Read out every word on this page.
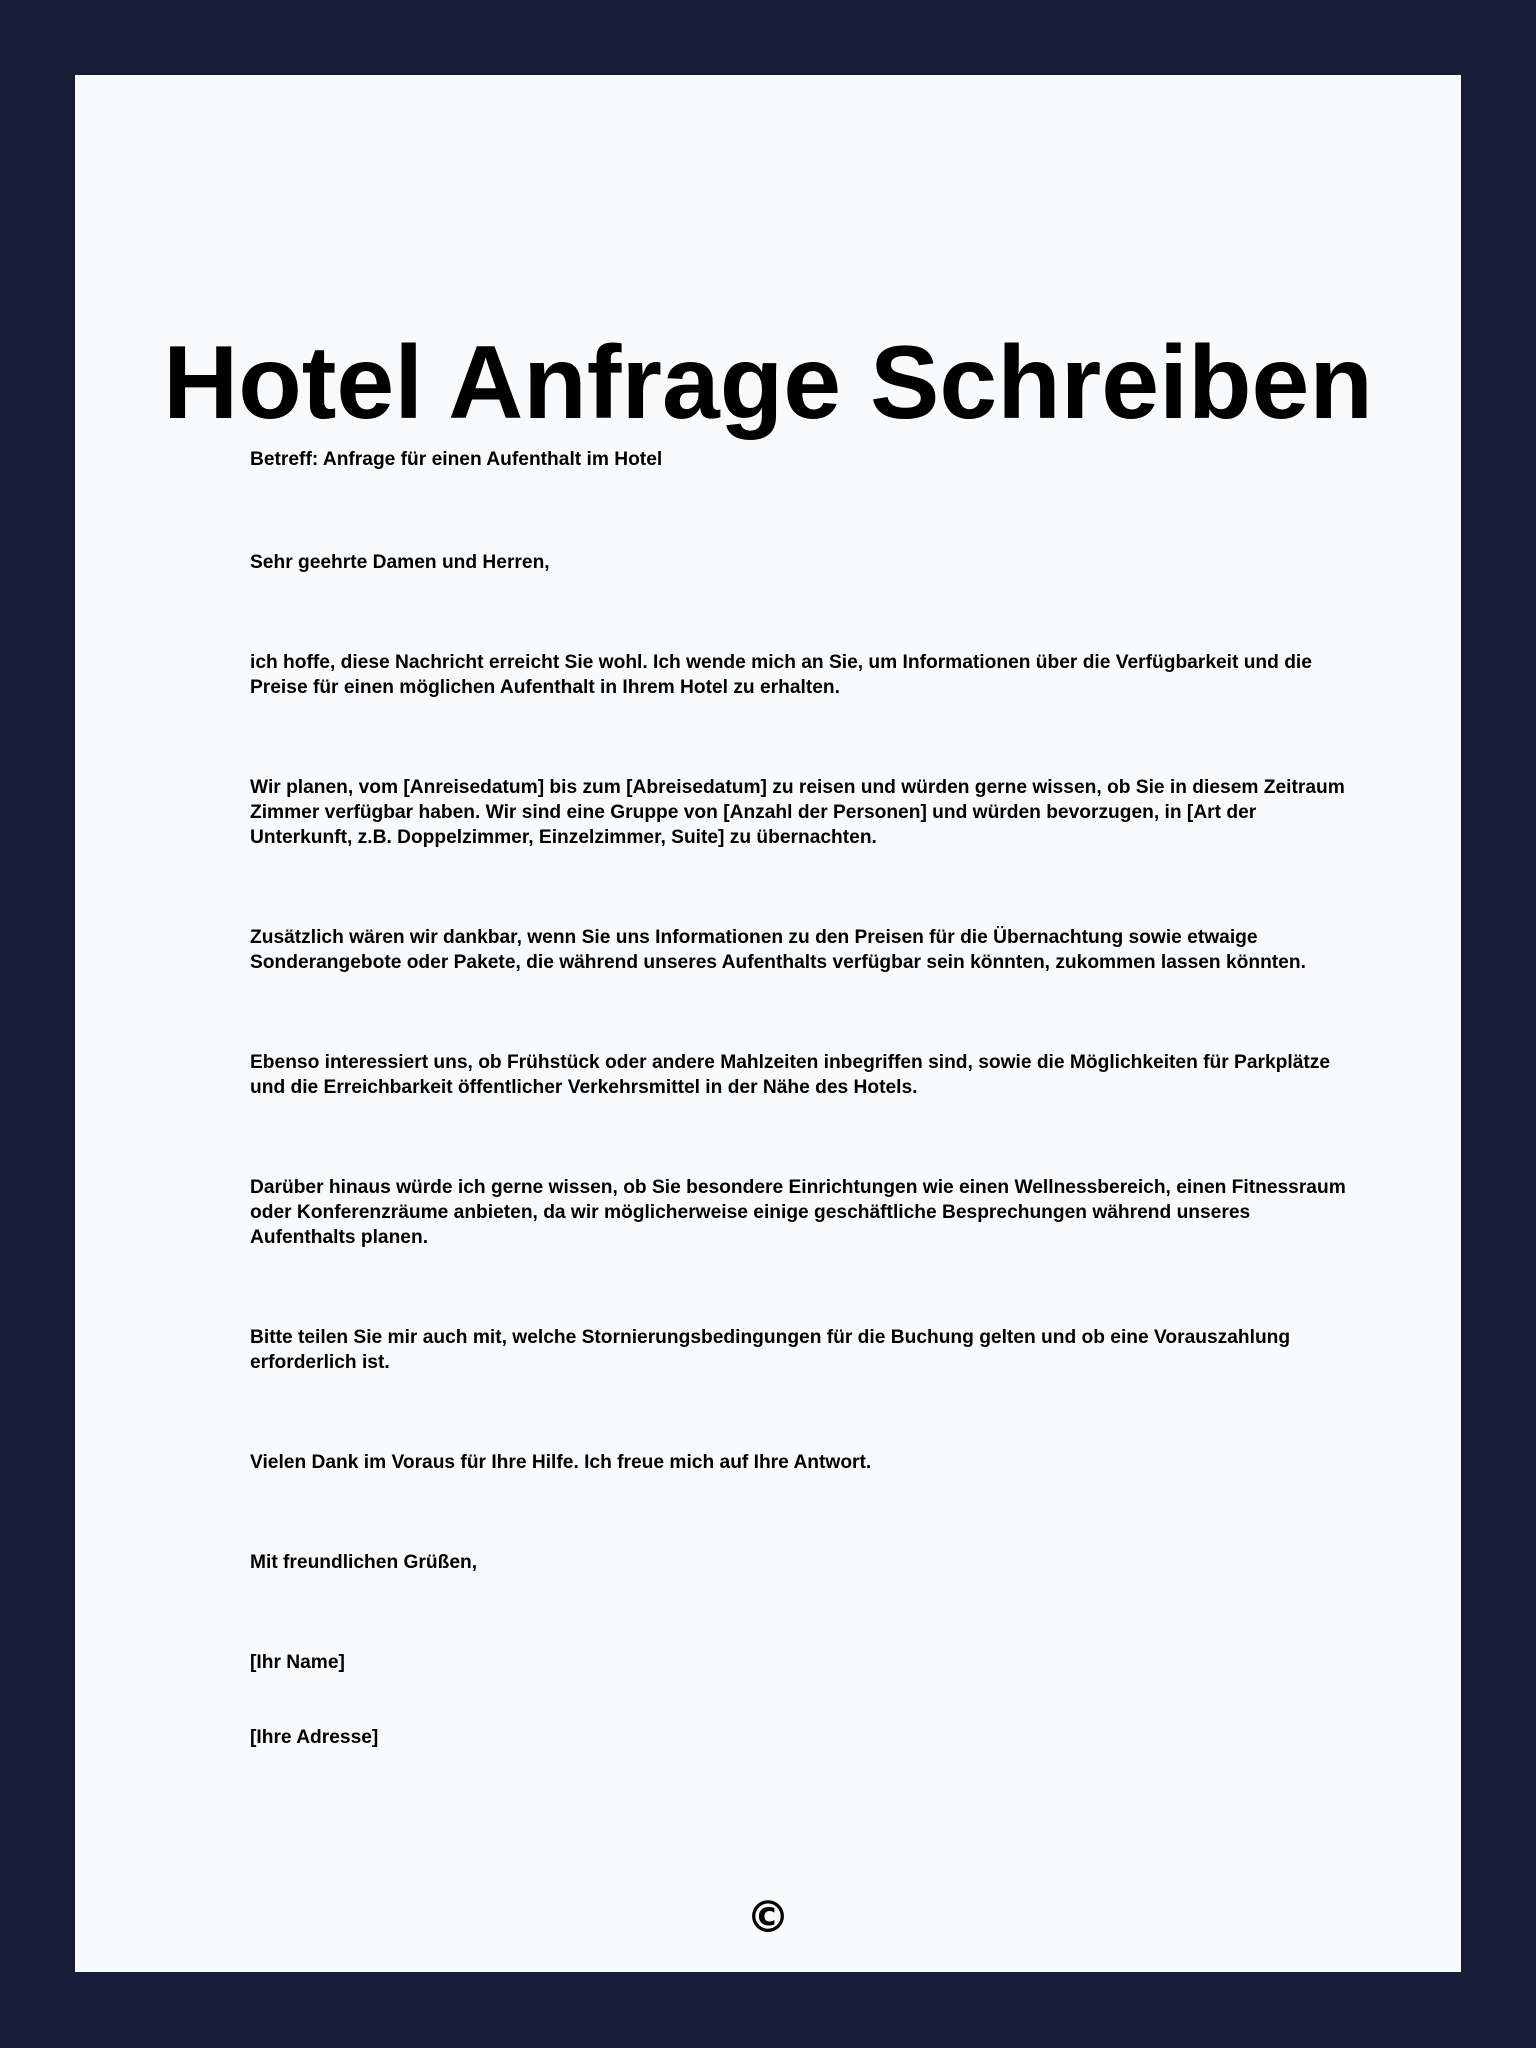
Hotel Anfrage Schreiben

Betreff: Anfrage für einen Aufenthalt im Hotel

Sehr geehrte Damen und Herren,

ich hoffe, diese Nachricht erreicht Sie wohl. Ich wende mich an Sie, um Informationen über die Verfügbarkeit und die Preise für einen möglichen Aufenthalt in Ihrem Hotel zu erhalten.

Wir planen, vom [Anreisedatum] bis zum [Abreisedatum] zu reisen und würden gerne wissen, ob Sie in diesem Zeitraum Zimmer verfügbar haben. Wir sind eine Gruppe von [Anzahl der Personen] und würden bevorzugen, in [Art der Unterkunft, z.B. Doppelzimmer, Einzelzimmer, Suite] zu übernachten.

Zusätzlich wären wir dankbar, wenn Sie uns Informationen zu den Preisen für die Übernachtung sowie etwaige Sonderangebote oder Pakete, die während unseres Aufenthalts verfügbar sein könnten, zukommen lassen könnten.

Ebenso interessiert uns, ob Frühstück oder andere Mahlzeiten inbegriffen sind, sowie die Möglichkeiten für Parkplätze und die Erreichbarkeit öffentlicher Verkehrsmittel in der Nähe des Hotels.

Darüber hinaus würde ich gerne wissen, ob Sie besondere Einrichtungen wie einen Wellnessbereich, einen Fitnessraum oder Konferenzräume anbieten, da wir möglicherweise einige geschäftliche Besprechungen während unseres Aufenthalts planen.

Bitte teilen Sie mir auch mit, welche Stornierungsbedingungen für die Buchung gelten und ob eine Vorauszahlung erforderlich ist.

Vielen Dank im Voraus für Ihre Hilfe. Ich freue mich auf Ihre Antwort.

Mit freundlichen Grüßen,

[Ihr Name]

[Ihre Adresse]

©
